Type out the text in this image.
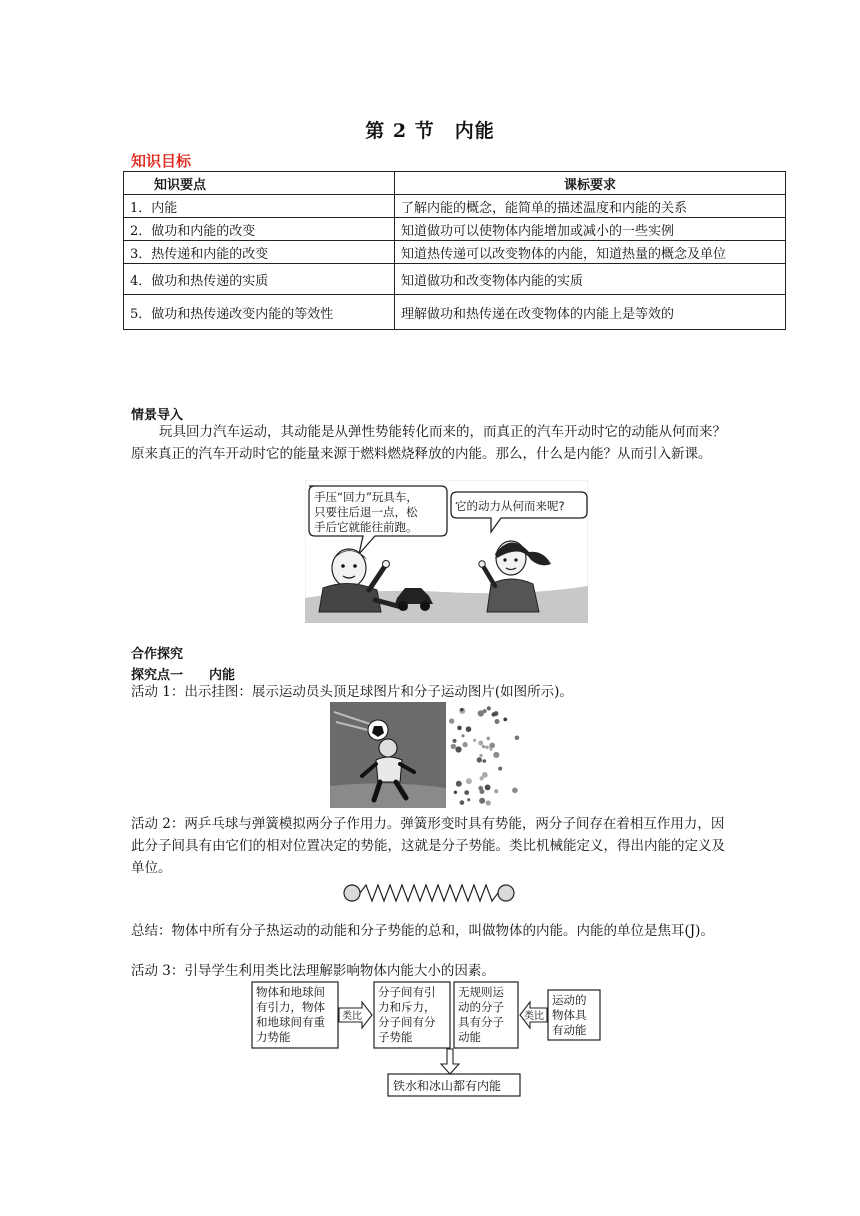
第 2 节　内能
知识目标
知识要点	课标要求
1．内能	了解内能的概念，能简单的描述温度和内能的关系
2．做功和内能的改变	知道做功可以使物体内能增加或减小的一些实例
3．热传递和内能的改变	知道热传递可以改变物体的内能，知道热量的概念及单位
4．做功和热传递的实质	知道做功和改变物体内能的实质
5．做功和热传递改变内能的等效性	理解做功和热传递在改变物体的内能上是等效的
情景导入

玩具回力汽车运动，其动能是从弹性势能转化而来的，而真正的汽车开动时它的动能从何而来？原来真正的汽车开动时它的能量来源于燃料燃烧释放的内能。那么，什么是内能？从而引入新课。

手压“回力”玩具车，
只要往后退一点，松
手后它就能往前跑。
它的动力从何而来呢?
合作探究
探究点一　　内能
活动 1：出示挂图：展示运动员头顶足球图片和分子运动图片(如图所示)。
活动 2：两乒乓球与弹簧模拟两分子作用力。弹簧形变时具有势能，两分子间存在着相互作用力，因此分子间具有由它们的相对位置决定的势能，这就是分子势能。类比机械能定义，得出内能的定义及单位。
总结：物体中所有分子热运动的动能和分子势能的总和，叫做物体的内能。内能的单位是焦耳(J)。
活动 3：引导学生利用类比法理解影响物体内能大小的因素。
物体和地球间
有引力，物体
和地球间有重
力势能
分子间有引
力和斥力，
分子间有分
子势能
无规则运
动的分子
具有分子
动能
运动的
物体具
有动能
铁水和冰山都有内能
类比	类比
